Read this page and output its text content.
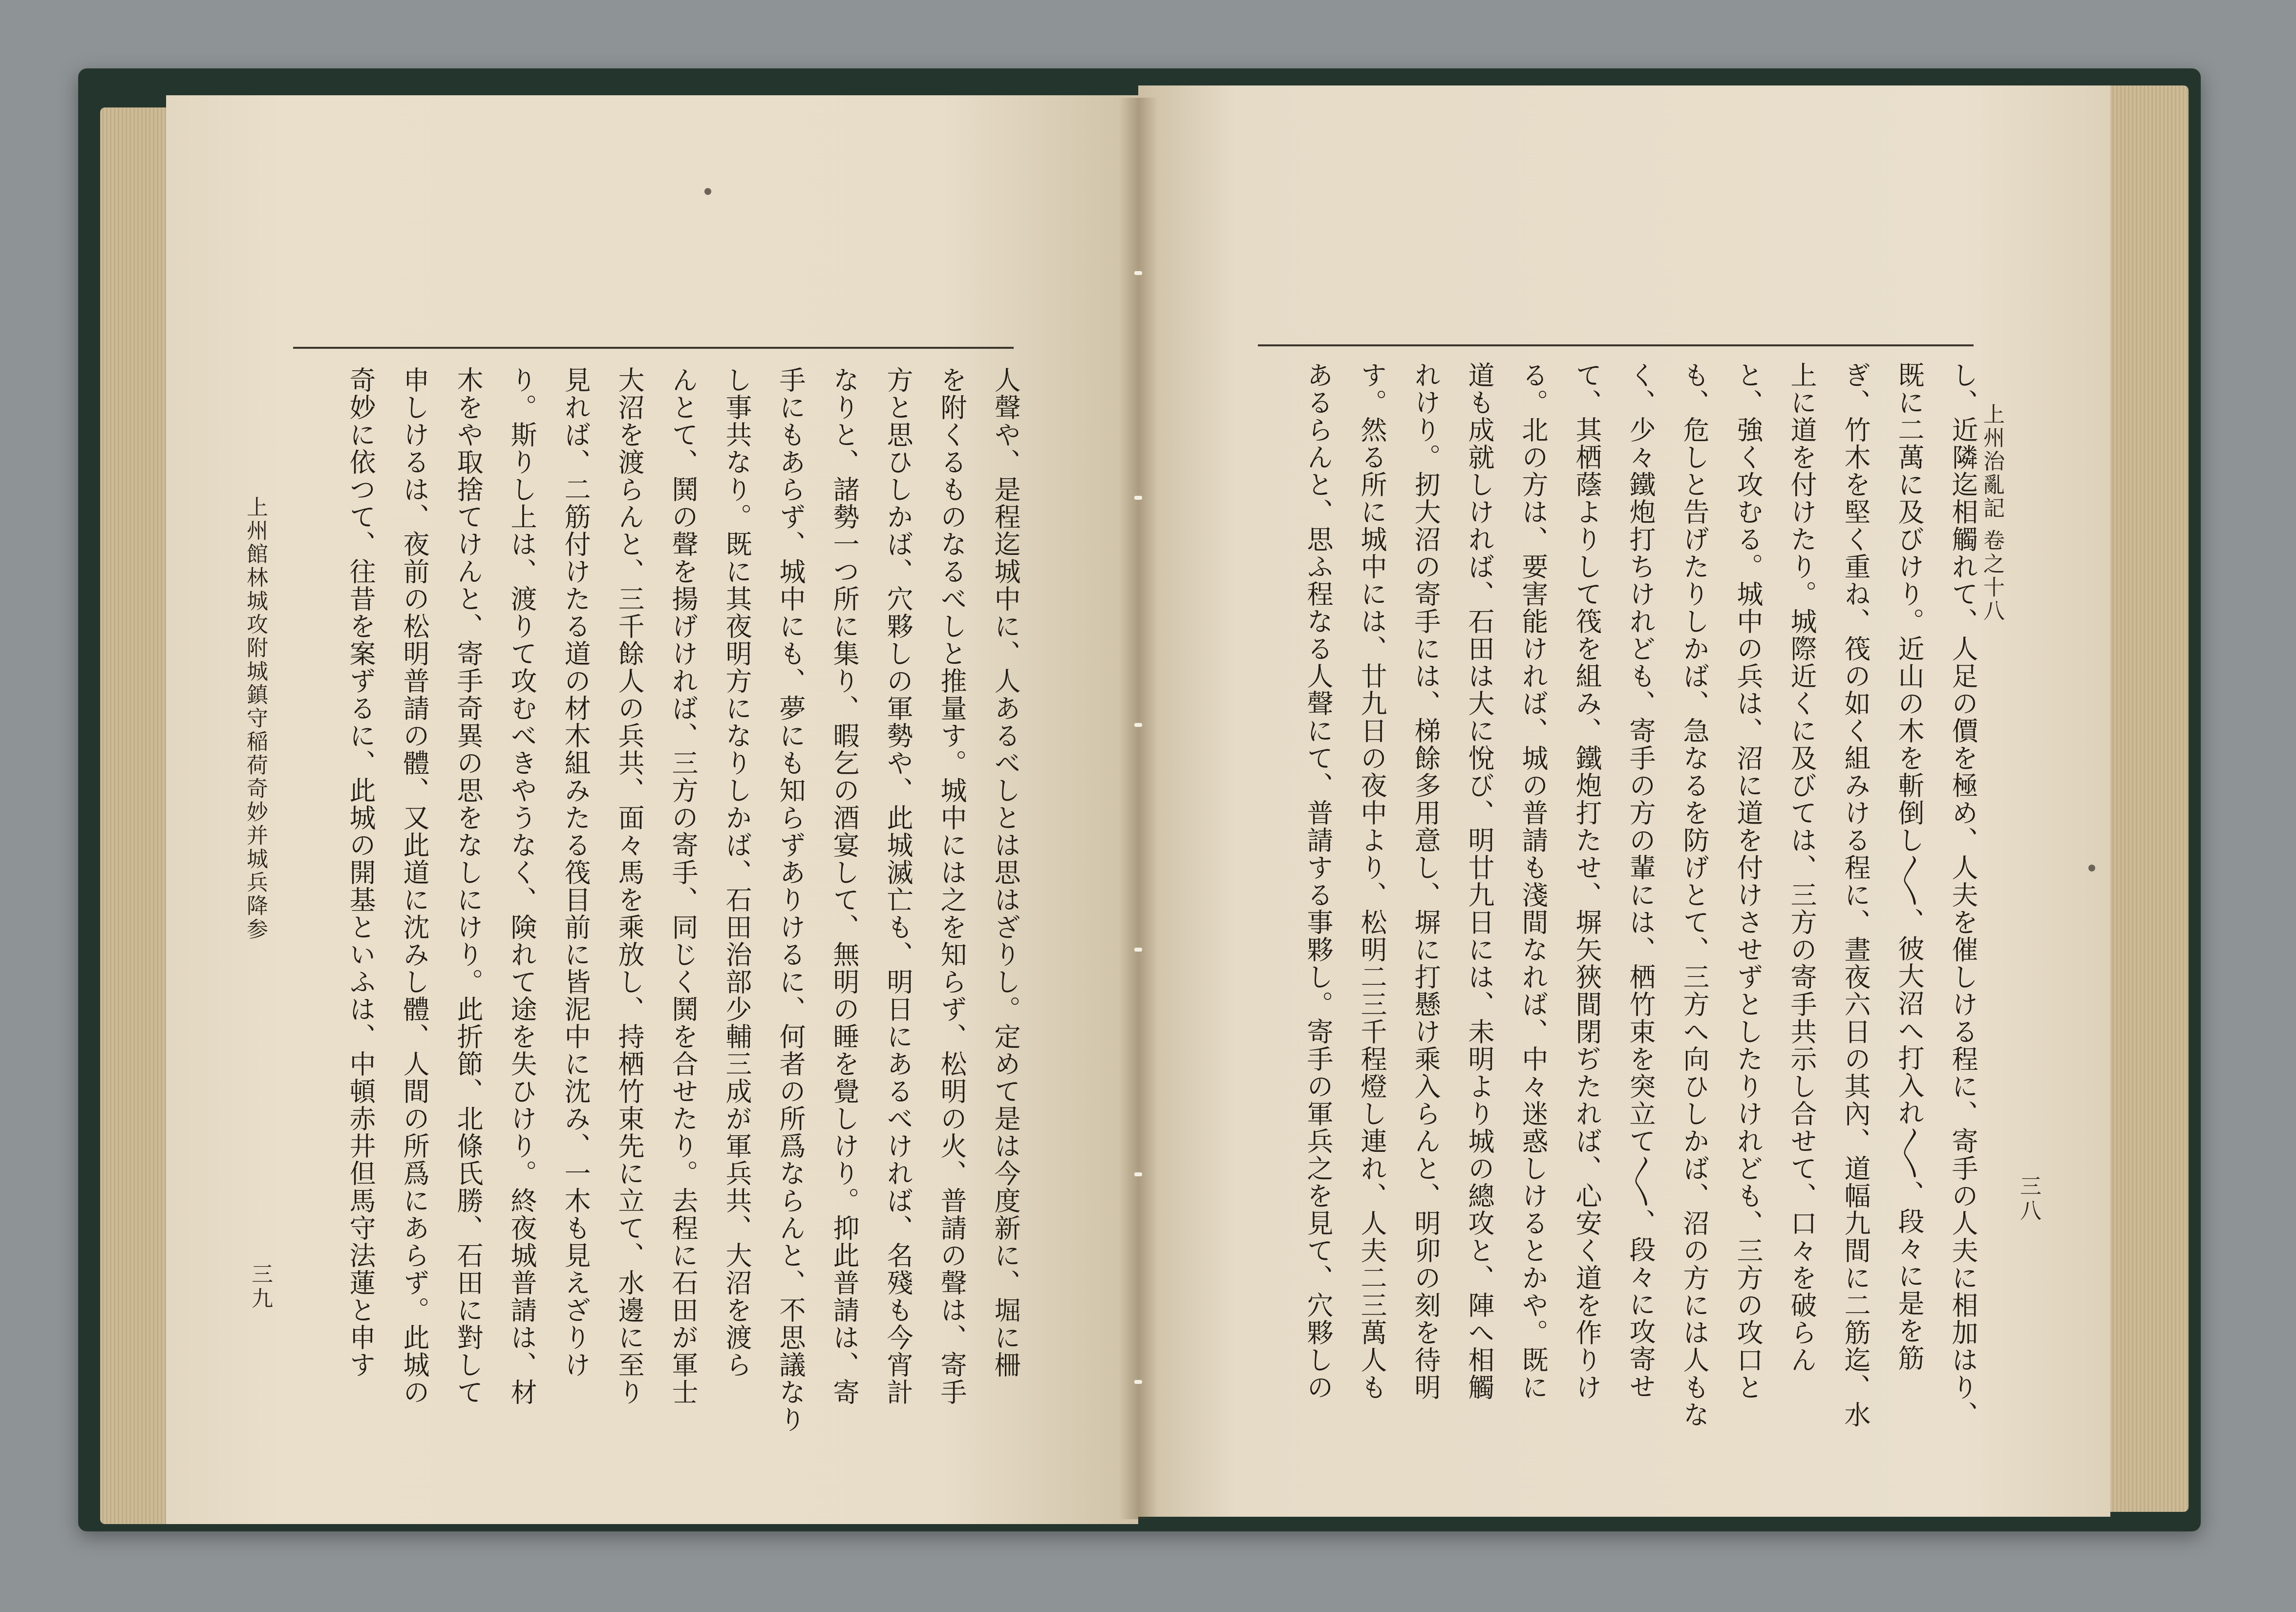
上州館林城攻附城鎮守稲荷奇妙并城兵降参
三九	人聲や、是程迄城中に、人あるべしとは思はざりし。定めて是は今度新に、堀に柵
を附くるものなるべしと推量す。城中には之を知らず、松明の火、普請の聲は、寄手
方と思ひしかば、穴夥しの軍勢や、此城滅亡も、明日にあるべければ、名殘も今宵計
なりと、諸勢一つ所に集り、暇乞の酒宴して、無明の睡を覺しけり。抑此普請は、寄
手にもあらず、城中にも、夢にも知らずありけるに、何者の所爲ならんと、不思議なり
し事共なり。既に其夜明方になりしかば、石田治部少輔三成が軍兵共、大沼を渡ら
んとて、鬨の聲を揚げければ、三方の寄手、同じく鬨を合せたり。去程に石田が軍士
大沼を渡らんと、三千餘人の兵共、面々馬を乘放し、持栖竹束先に立て、水邊に至り
見れば、二筋付けたる道の材木組みたる筏目前に皆泥中に沈み、一木も見えざりけ
り。斯りし上は、渡りて攻むべきやうなく、険れて途を失ひけり。終夜城普請は、材
木をや取捨てけんと、寄手奇異の思をなしにけり。此折節、北條氏勝、石田に對して
申しけるは、夜前の松明普請の體、又此道に沈みし體、人間の所爲にあらず。此城の
奇妙に依つて、往昔を案ずるに、此城の開基といふは、中頓赤井但馬守法蓮と申す	上州治亂記 卷之十八
三八
し、近隣迄相觸れて、人足の價を極め、人夫を催しける程に、寄手の人夫に相加はり、
既に二萬に及びけり。近山の木を斬倒し〳〵、彼大沼へ打入れ〳〵、段々に是を筋
ぎ、竹木を堅く重ね、筏の如く組みける程に、晝夜六日の其內、道幅九間に二筋迄、水
上に道を付けたり。城際近くに及びては、三方の寄手共示し合せて、口々を破らん
と、強く攻むる。城中の兵は、沼に道を付けさせずとしたりけれども、三方の攻口と
も、危しと告げたりしかば、急なるを防げとて、三方へ向ひしかば、沼の方には人もな
く、少々鐵炮打ちけれども、寄手の方の輩には、栖竹束を突立て〳〵、段々に攻寄せ
て、其栖蔭よりして筏を組み、鐵炮打たせ、塀矢狹間閉ぢたれば、心安く道を作りけ
る。北の方は、要害能ければ、城の普請も淺間なれば、中々迷惑しけるとかや。既に
道も成就しければ、石田は大に悅び、明廿九日には、未明より城の總攻と、陣へ相觸
れけり。扨大沼の寄手には、梯餘多用意し、塀に打懸け乘入らんと、明卯の刻を待明
す。然る所に城中には、廿九日の夜中より、松明二三千程燈し連れ、人夫二三萬人も
あるらんと、思ふ程なる人聲にて、普請する事夥し。寄手の軍兵之を見て、穴夥しの
